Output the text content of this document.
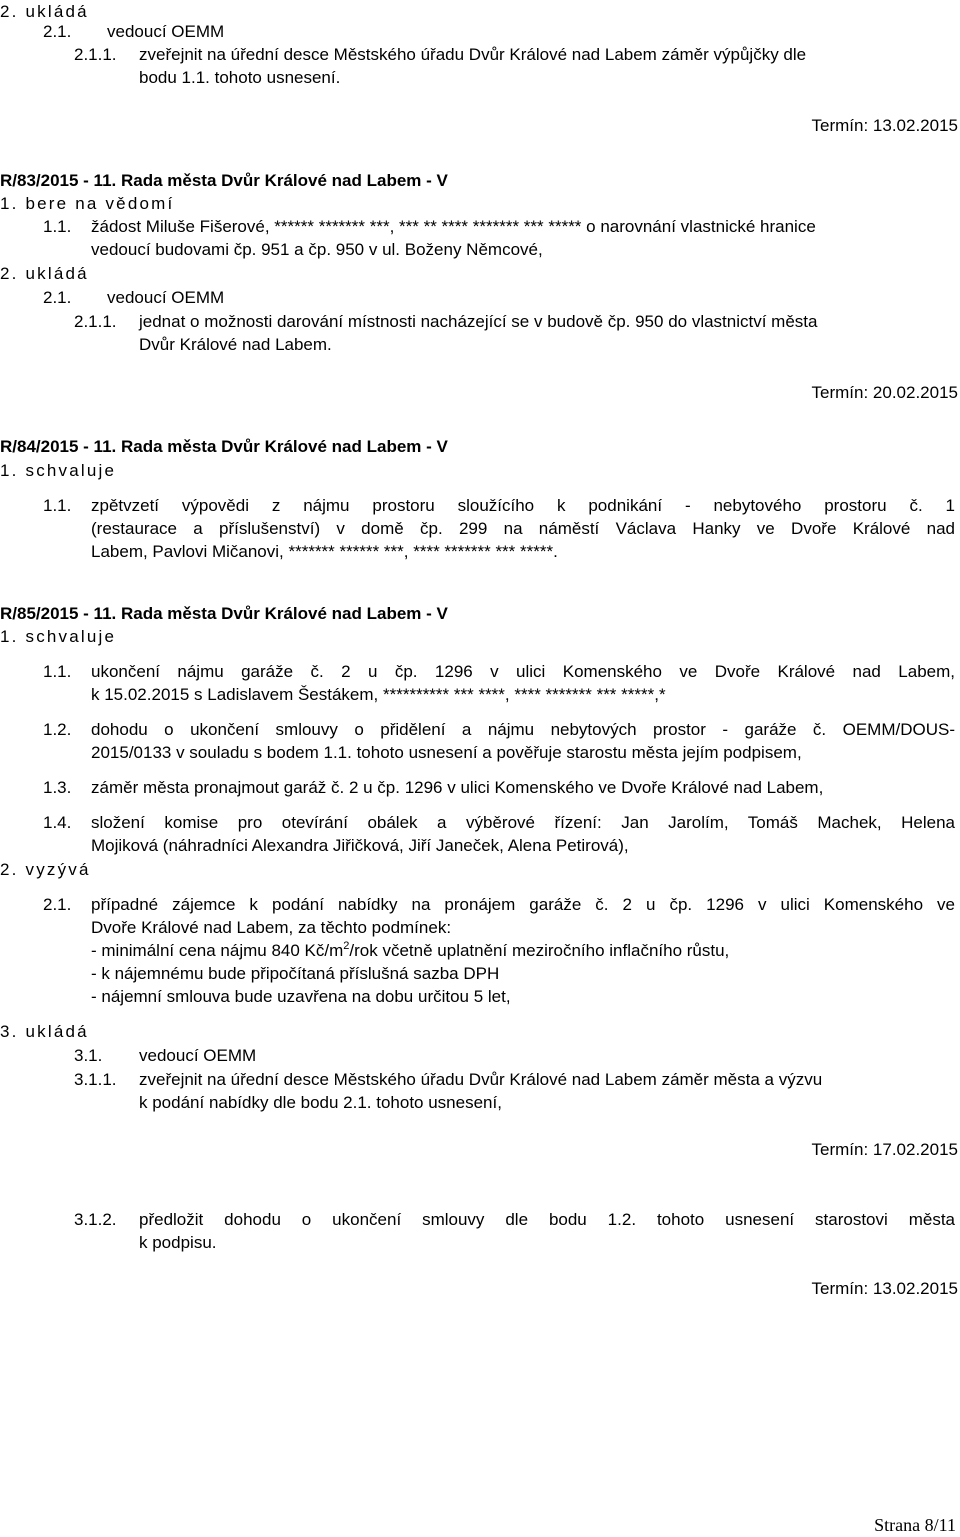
2. ukládá
2.1. vedoucí OEMM
2.1.1. zveřejnit na úřední desce Městského úřadu Dvůr Králové nad Labem záměr výpůjčky dle
bodu 1.1. tohoto usnesení.
Termín: 13.02.2015
R/83/2015 - 11. Rada města Dvůr Králové nad Labem - V
1. bere na vědomí
1.1. žádost Miluše Fišerové, ****** ******* ***, *** ** **** ******* *** ***** o narovnání vlastnické hranice
vedoucí budovami čp. 951 a čp. 950 v ul. Boženy Němcové,
2. ukládá
2.1. vedoucí OEMM
2.1.1. jednat o možnosti darování místnosti nacházející se v budově čp. 950 do vlastnictví města
Dvůr Králové nad Labem.
Termín: 20.02.2015
R/84/2015 - 11. Rada města Dvůr Králové nad Labem - V
1. schvaluje
1.1. zpětvzetí výpovědi z nájmu prostoru sloužícího k podnikání - nebytového prostoru č. 1
(restaurace a příslušenství) v domě čp. 299 na náměstí Václava Hanky ve Dvoře Králové nad
Labem, Pavlovi Mičanovi, ******* ****** ***, **** ******* *** *****.
R/85/2015 - 11. Rada města Dvůr Králové nad Labem - V
1. schvaluje
1.1. ukončení nájmu garáže č. 2 u čp. 1296 v ulici Komenského ve Dvoře Králové nad Labem,
k 15.02.2015 s Ladislavem Šestákem, ********** *** ****, **** ******* *** *****,*
1.2. dohodu o ukončení smlouvy o přidělení a nájmu nebytových prostor - garáže č. OEMM/DOUS-
2015/0133 v souladu s bodem 1.1. tohoto usnesení a pověřuje starostu města jejím podpisem,
1.3. záměr města pronajmout garáž č. 2 u čp. 1296 v ulici Komenského ve Dvoře Králové nad Labem,
1.4. složení komise pro otevírání obálek a výběrové řízení: Jan Jarolím, Tomáš Machek, Helena
Mojiková (náhradníci Alexandra Jiřičková, Jiří Janeček, Alena Petirová),
2. vyzývá
2.1. případné zájemce k podání nabídky na pronájem garáže č. 2 u čp. 1296 v ulici Komenského ve
Dvoře Králové nad Labem, za těchto podmínek:
- minimální cena nájmu 840 $Kč/m^2$/rok včetně uplatnění meziročního inflačního růstu,
- k nájemnému bude připočítaná příslušná sazba DPH
- nájemní smlouva bude uzavřena na dobu určitou 5 let,
3. ukládá
3.1. vedoucí OEMM
3.1.1. zveřejnit na úřední desce Městského úřadu Dvůr Králové nad Labem záměr města a výzvu
k podání nabídky dle bodu 2.1. tohoto usnesení,
Termín: 17.02.2015
3.1.2. předložit dohodu o ukončení smlouvy dle bodu 1.2. tohoto usnesení starostovi města
k podpisu.
Termín: 13.02.2015
Strana 8/11
